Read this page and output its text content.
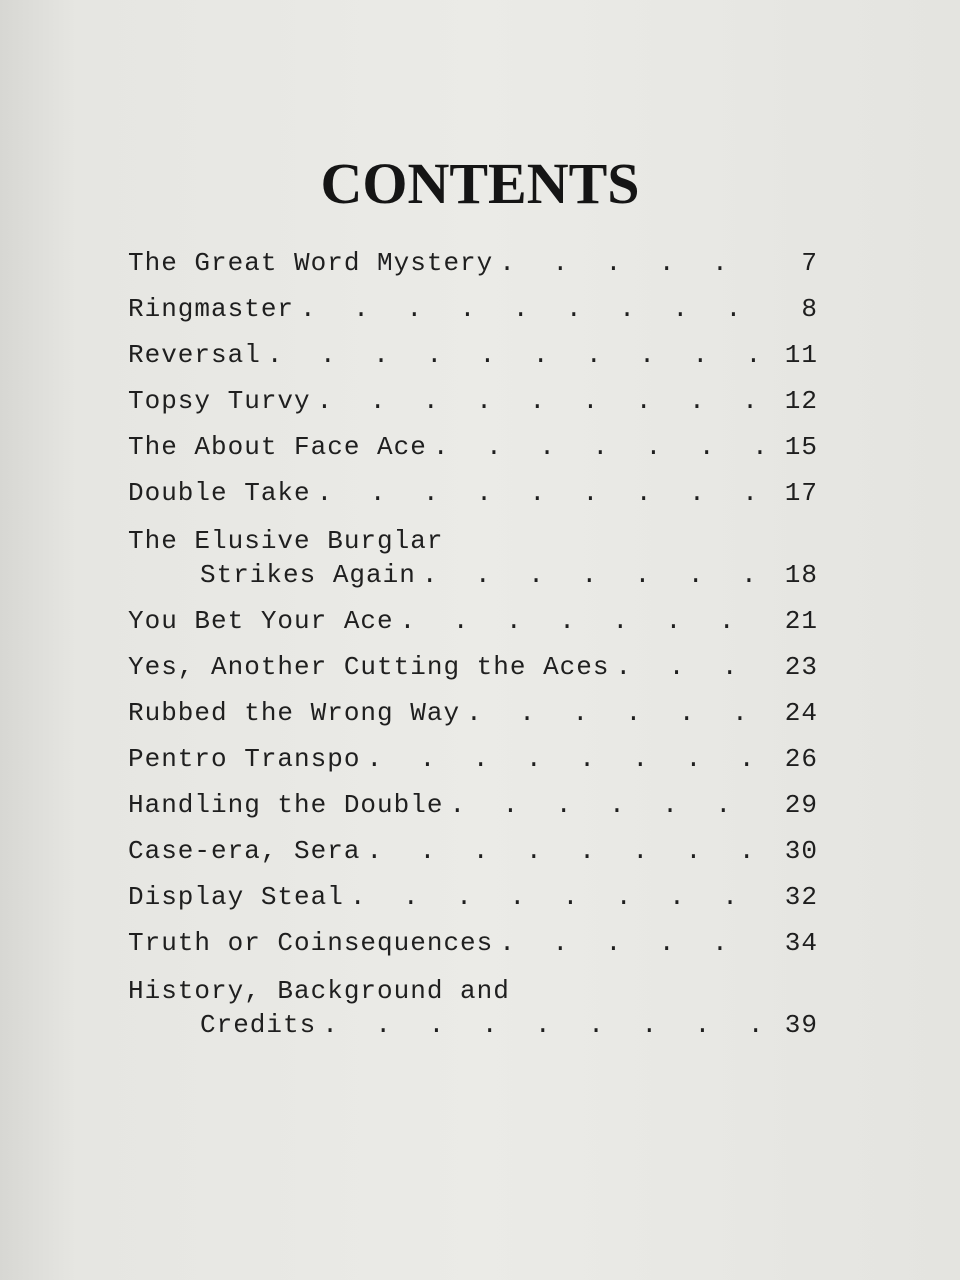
CONTENTS
The Great Word Mystery . . .	7
Ringmaster . . .	8
Reversal . . .	11
Topsy Turvy . . .	12
The About Face Ace . . .	15
Double Take . . .	17
The Elusive Burglar
Strikes Again . . .	18
You Bet Your Ace . . .	21
Yes, Another Cutting the Aces . . .	23
Rubbed the Wrong Way . . .	24
Pentro Transpo . . .	26
Handling the Double . . .	29
Case-era, Sera . . .	30
Display Steal . . .	32
Truth or Coinsequences . . .	34
History, Background and
Credits . . .	39
